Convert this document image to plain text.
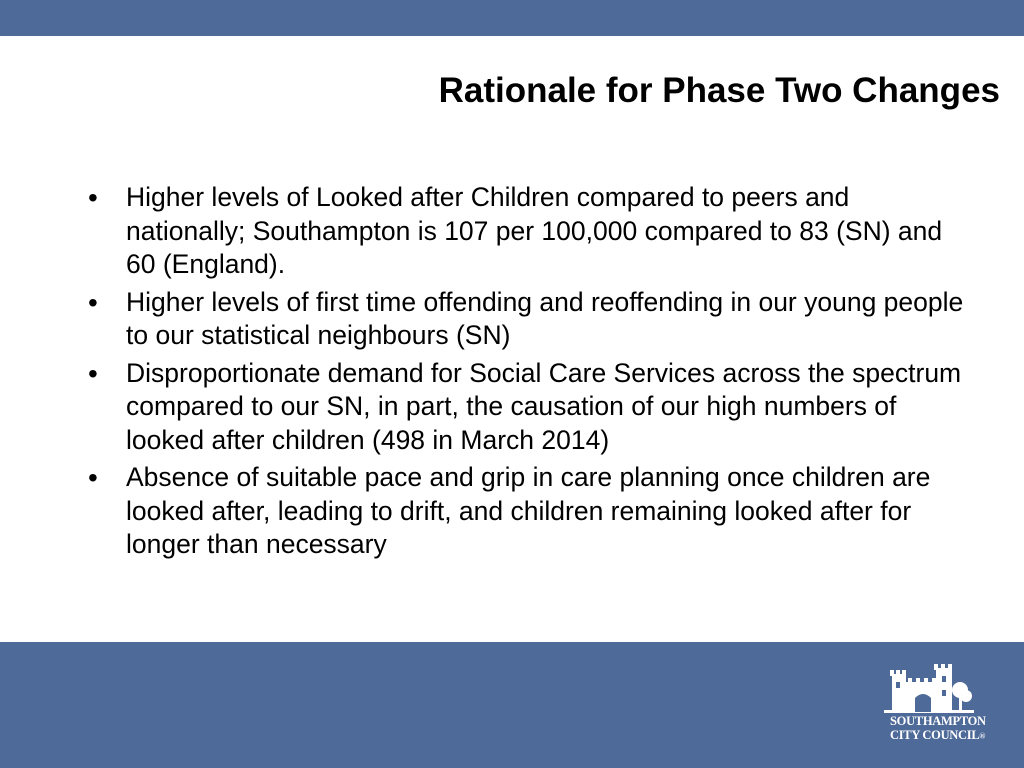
Rationale for Phase Two Changes
• Higher levels of Looked after Children compared to peers and nationally; Southampton is 107 per 100,000 compared to 83 (SN) and 60 (England).
• Higher levels of first time offending and reoffending in our young people to our statistical neighbours (SN)
• Disproportionate demand for Social Care Services across the spectrum compared to our SN, in part, the causation of our high numbers of looked after children (498 in March 2014)
• Absence of suitable pace and grip in care planning once children are looked after, leading to drift, and children remaining looked after for longer than necessary
SOUTHAMPTON
CITY COUNCIL®
